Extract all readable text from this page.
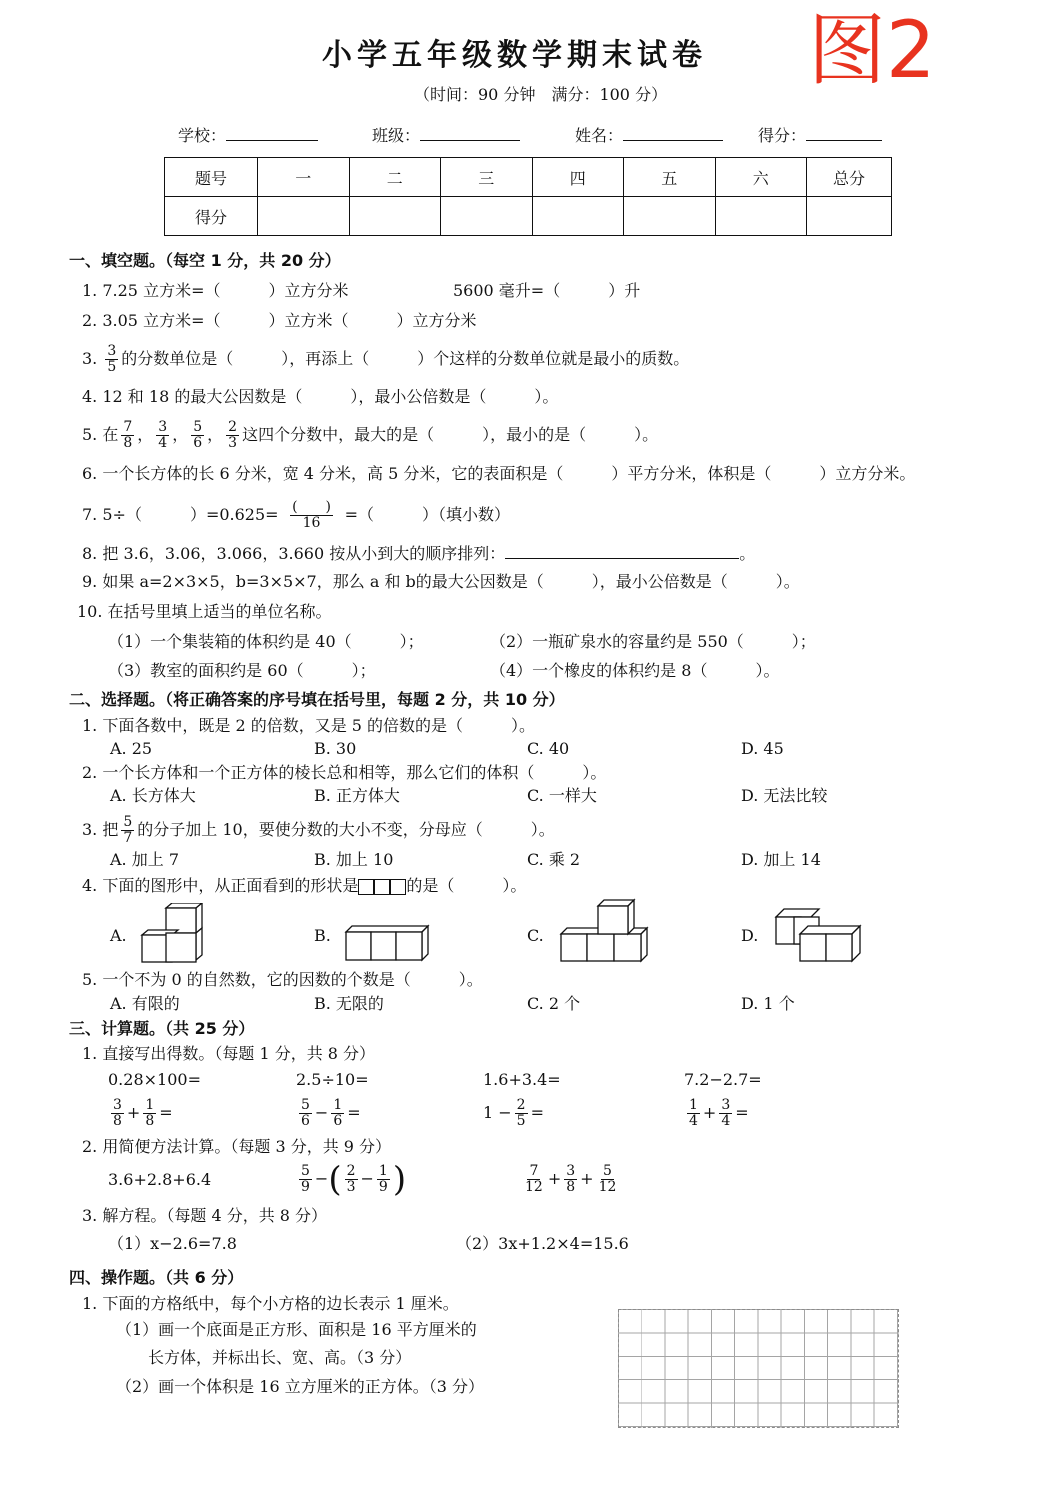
小学五年级数学期末试卷 图2
（时间：90 分钟　满分：100 分）
学校：	班级：	姓名：	得分：
题号	一	二	三	四	五	六	总分
得分							
一、填空题。（每空 1 分，共 20 分）
1. 7.25 立方米=（　　　）立方分米	5600 毫升=（　　　）升
2. 3.05 立方米=（　　　）立方米（　　　）立方分米
3. $\frac{3}{5}$ 的分数单位是（　　　），再添上（　　　）个这样的分数单位就是最小的质数。
4. 12 和 18 的最大公因数是（　　　），最小公倍数是（　　　）。
5. 在 $\frac{7}{8}$ ， $\frac{3}{4}$ ， $\frac{5}{6}$ ， $\frac{2}{3}$ 这四个分数中，最大的是（　　　），最小的是（　　　）。
6. 一个长方体的长 6 分米，宽 4 分米，高 5 分米，它的表面积是（　　　）平方分米，体积是（　　　）立方分米。
7. 5÷（　　　）$=0.625= \frac{( )}{16}$ =（　　　）（填小数）
8. 把 3.6，3.06，3.066，3.660 按从小到大的顺序排列：	。
9. 如果 a=2×3×5，b=3×5×7，那么 a 和 b的最大公因数是（　　　），最小公倍数是（　　　）。
10. 在括号里填上适当的单位名称。
（1）一个集装箱的体积约是 40（　　　）；	（2）一瓶矿泉水的容量约是 550（　　　）；
（3）教室的面积约是 60（　　　）；	（4）一个橡皮的体积约是 8（　　　）。
二、选择题。（将正确答案的序号填在括号里，每题 2 分，共 10 分）
1. 下面各数中，既是 2 的倍数，又是 5 的倍数的是（　　　）。
A. 25	B. 30	C. 40	D. 45
2. 一个长方体和一个正方体的棱长总和相等，那么它们的体积（　　　）。
A. 长方体大	B. 正方体大	C. 一样大	D. 无法比较
3. 把 $\frac{5}{7}$ 的分子加上 10，要使分数的大小不变，分母应（　　　）。
A. 加上 7	B. 加上 10	C. 乘 2	D. 加上 14
4. 下面的图形中，从正面看到的形状是	的是（　　　）。
A.	B.	C.	D.
5. 一个不为 0 的自然数，它的因数的个数是（　　　）。
A. 有限的	B. 无限的	C. 2 个	D. 1 个
三、计算题。（共 25 分）
1. 直接写出得数。（每题 1 分，共 8 分）
0.28×100=	2.5÷10=	1.6+3.4=	7.2−2.7=
$\frac{3}{8} + \frac{1}{8}$ =	$\frac{5}{6} - \frac{1}{6}$ =	$1 - \frac{2}{5}$ =	$\frac{1}{4} + \frac{3}{4}$ =
2. 用简便方法计算。（每题 3 分，共 9 分）
3.6+2.8+6.4	$\frac{5}{9}$ −( $\frac{2}{3} - \frac{1}{9}$ )	$\frac{7}{12} + \frac{3}{8} + \frac{5}{12}$
3. 解方程。（每题 4 分，共 8 分）
（1）x−2.6=7.8	（2）3x+1.2×4=15.6
四、操作题。（共 6 分）
1. 下面的方格纸中，每个小方格的边长表示 1 厘米。
（1）画一个底面是正方形、面积是 16 平方厘米的
长方体，并标出长、宽、高。（3 分）
（2）画一个体积是 16 立方厘米的正方体。（3 分）
